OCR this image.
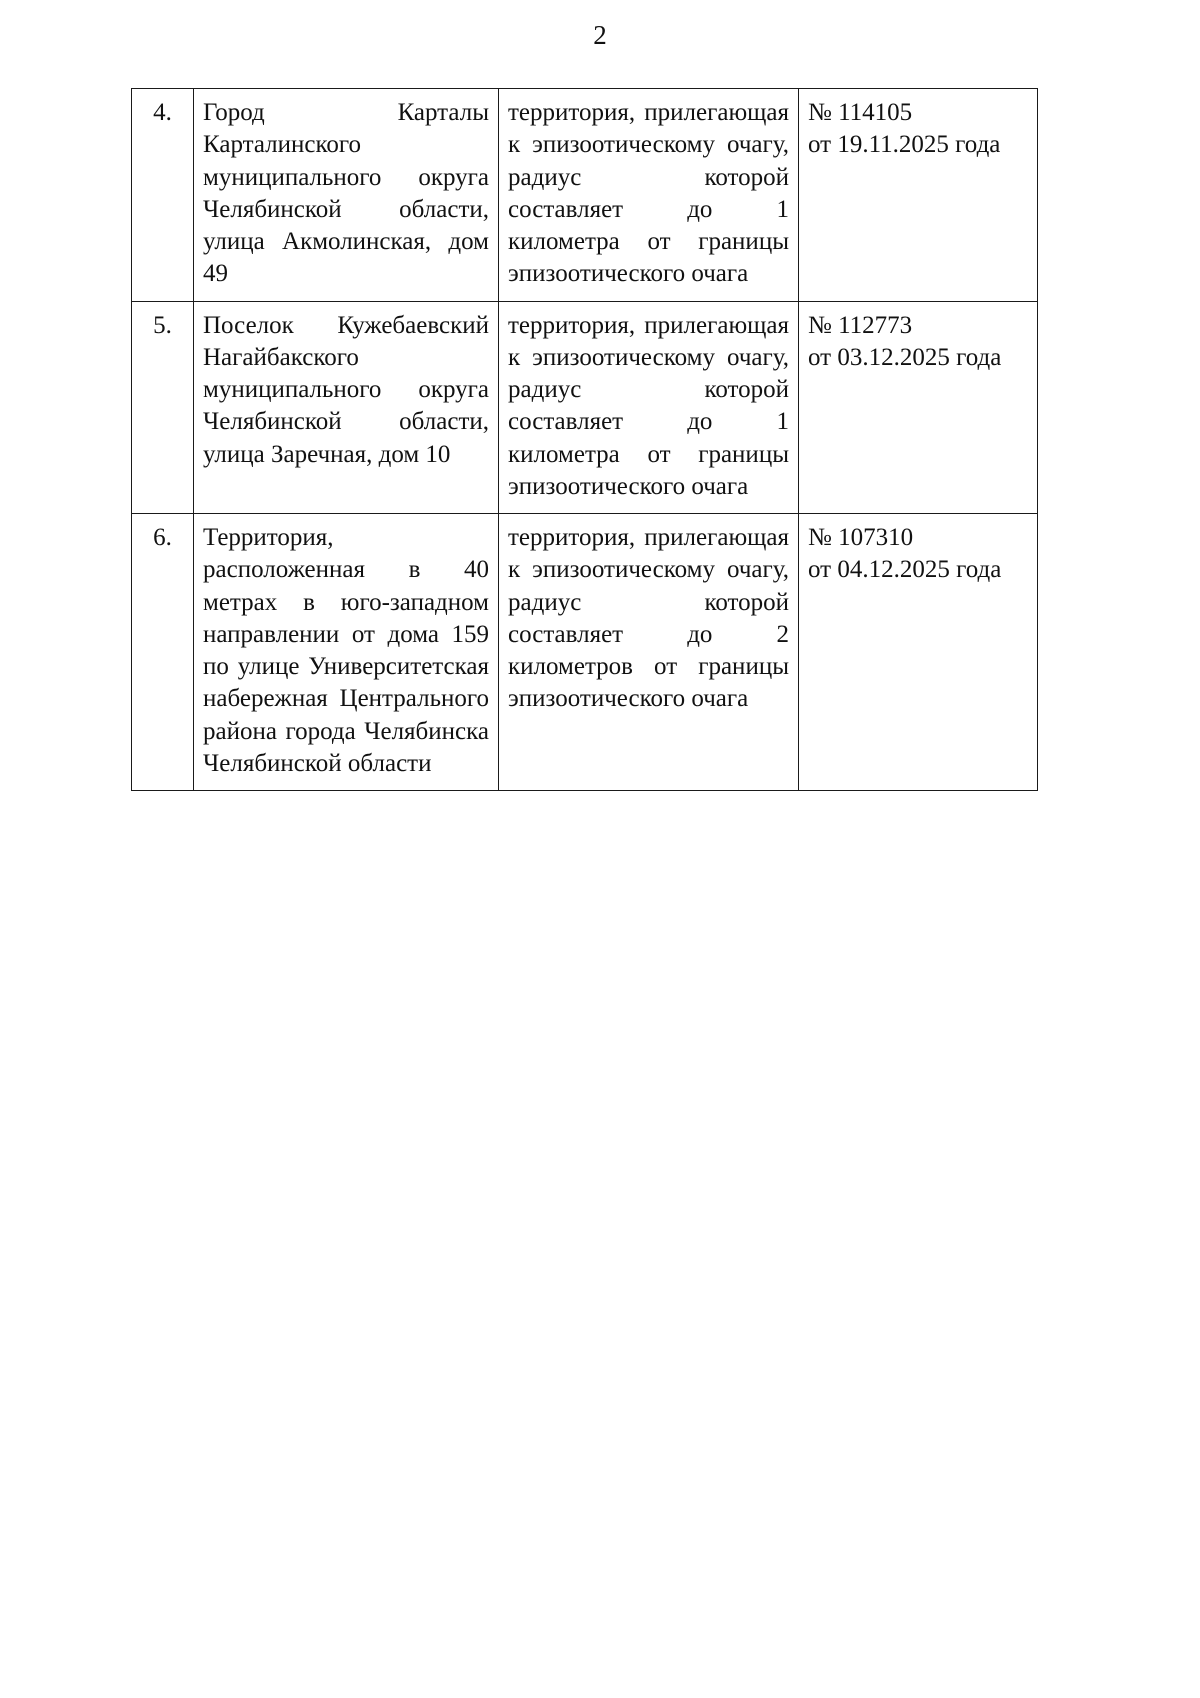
2
4.	Город Карталы Карталинского муниципального округа Челябинской области, улица Акмолинская, дом 49	территория, прилегающая к эпизоотическому очагу, радиус которой составляет до 1 километра от границы эпизоотического очага	№ 114105
от 19.11.2025 года

5.	Поселок Кужебаевский Нагайбакского муниципального округа Челябинской области, улица Заречная, дом 10	территория, прилегающая к эпизоотическому очагу, радиус которой составляет до 1 километра от границы эпизоотического очага	№ 112773
от 03.12.2025 года

6.	Территория, расположенная в 40 метрах в юго-западном направлении от дома 159 по улице Университетская набережная Центрального района города Челябинска Челябинской области	территория, прилегающая к эпизоотическому очагу, радиус которой составляет до 2 километров от границы эпизоотического очага	№ 107310
от 04.12.2025 года
